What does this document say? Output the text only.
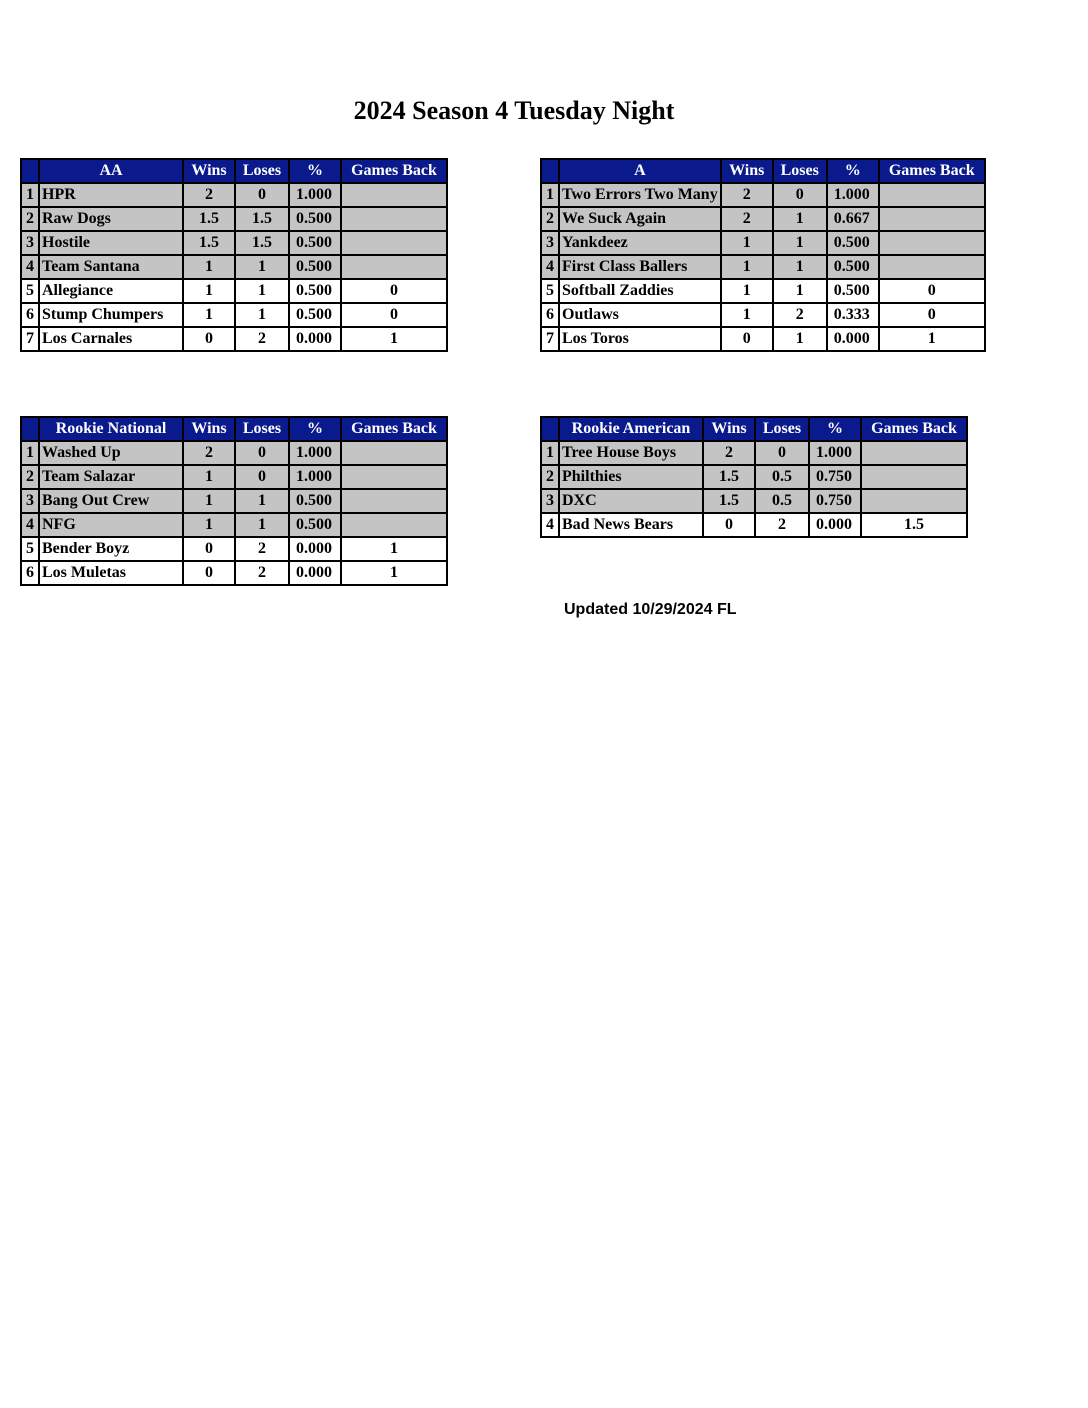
2024 Season 4 Tuesday Night
	AA	Wins	Loses	%	Games Back
1	HPR	2	0	1.000	
2	Raw Dogs	1.5	1.5	0.500	
3	Hostile	1.5	1.5	0.500	
4	Team Santana	1	1	0.500	
5	Allegiance	1	1	0.500	0
6	Stump Chumpers	1	1	0.500	0
7	Los Carnales	0	2	0.000	1
	A	Wins	Loses	%	Games Back
1	Two Errors Two Many	2	0	1.000	
2	We Suck Again	2	1	0.667	
3	Yankdeez	1	1	0.500	
4	First Class Ballers	1	1	0.500	
5	Softball Zaddies	1	1	0.500	0
6	Outlaws	1	2	0.333	0
7	Los Toros	0	1	0.000	1
	Rookie National	Wins	Loses	%	Games Back
1	Washed Up	2	0	1.000	
2	Team Salazar	1	0	1.000	
3	Bang Out Crew	1	1	0.500	
4	NFG	1	1	0.500	
5	Bender Boyz	0	2	0.000	1
6	Los Muletas	0	2	0.000	1
	Rookie American	Wins	Loses	%	Games Back
1	Tree House Boys	2	0	1.000	
2	Philthies	1.5	0.5	0.750	
3	DXC	1.5	0.5	0.750	
4	Bad News Bears	0	2	0.000	1.5
Updated 10/29/2024 FL
